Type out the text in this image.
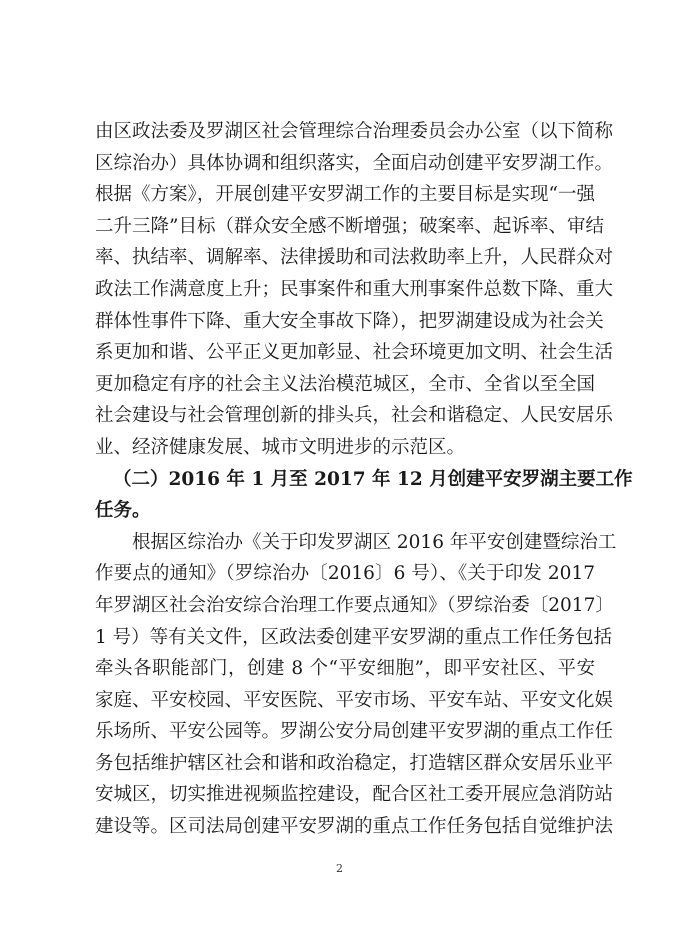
由区政法委及罗湖区社会管理综合治理委员会办公室（以下简称
区综治办）具体协调和组织落实，全面启动创建平安罗湖工作。
根据《方案》，开展创建平安罗湖工作的主要目标是实现“一强
二升三降”目标（群众安全感不断增强；破案率、起诉率、审结
率、执结率、调解率、法律援助和司法救助率上升，人民群众对
政法工作满意度上升；民事案件和重大刑事案件总数下降、重大
群体性事件下降、重大安全事故下降），把罗湖建设成为社会关
系更加和谐、公平正义更加彰显、社会环境更加文明、社会生活
更加稳定有序的社会主义法治模范城区，全市、全省以至全国
社会建设与社会管理创新的排头兵，社会和谐稳定、人民安居乐
业、经济健康发展、城市文明进步的示范区。
（二）2016 年 1 月至 2017 年 12 月创建平安罗湖主要工作
任务。
根据区综治办《关于印发罗湖区 2016 年平安创建暨综治工
作要点的通知》（罗综治办〔2016〕6 号）、《关于印发 2017
年罗湖区社会治安综合治理工作要点通知》（罗综治委〔2017〕
1 号）等有关文件，区政法委创建平安罗湖的重点工作任务包括
牵头各职能部门，创建 8 个“平安细胞”，即平安社区、平安
家庭、平安校园、平安医院、平安市场、平安车站、平安文化娱
乐场所、平安公园等。罗湖公安分局创建平安罗湖的重点工作任
务包括维护辖区社会和谐和政治稳定，打造辖区群众安居乐业平
安城区，切实推进视频监控建设，配合区社工委开展应急消防站
建设等。区司法局创建平安罗湖的重点工作任务包括自觉维护法
2
